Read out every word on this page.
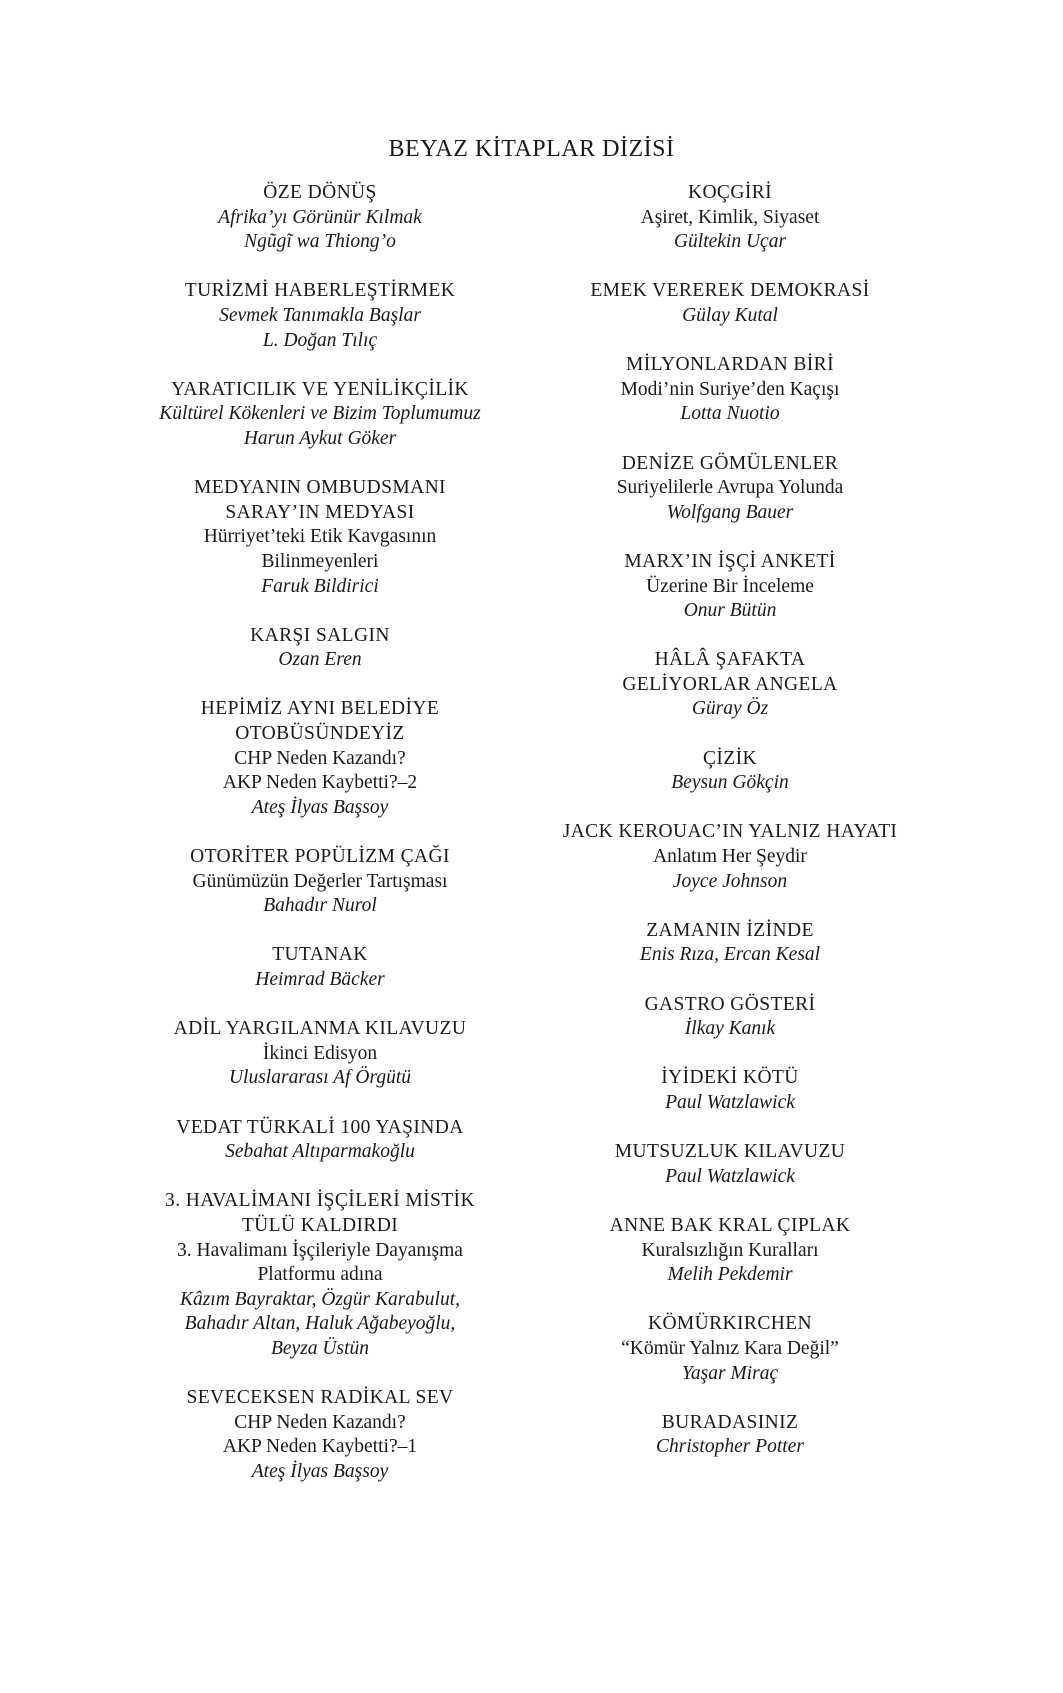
BEYAZ KİTAPLAR DİZİSİ
ÖZE DÖNÜŞ
Afrika’yı Görünür Kılmak
Ngũgĩ wa Thiong’o
TURİZMİ HABERLEŞTİRMEK
Sevmek Tanımakla Başlar
L. Doğan Tılıç
YARATICILIK VE YENİLİKÇİLİK
Kültürel Kökenleri ve Bizim Toplumumuz
Harun Aykut Göker
MEDYANIN OMBUDSMANI
SARAY’IN MEDYASI
Hürriyet’teki Etik Kavgasının
Bilinmeyenleri
Faruk Bildirici
KARŞI SALGIN
Ozan Eren
HEPİMİZ AYNI BELEDİYE
OTOBÜSÜNDEYİZ
CHP Neden Kazandı?
AKP Neden Kaybetti?–2
Ateş İlyas Başsoy
OTORİTER POPÜLİZM ÇAĞI
Günümüzün Değerler Tartışması
Bahadır Nurol
TUTANAK
Heimrad Bäcker
ADİL YARGILANMA KILAVUZU
İkinci Edisyon
Uluslararası Af Örgütü
VEDAT TÜRKALİ 100 YAŞINDA
Sebahat Altıparmakoğlu
3. HAVALİMANI İŞÇİLERİ MİSTİK
TÜLÜ KALDIRDI
3. Havalimanı İşçileriyle Dayanışma
Platformu adına
Kâzım Bayraktar, Özgür Karabulut,
Bahadır Altan, Haluk Ağabeyoğlu,
Beyza Üstün
SEVECEKSEN RADİKAL SEV
CHP Neden Kazandı?
AKP Neden Kaybetti?–1
Ateş İlyas Başsoy
KOÇGİRİ
Aşiret, Kimlik, Siyaset
Gültekin Uçar
EMEK VEREREK DEMOKRASİ
Gülay Kutal
MİLYONLARDAN BİRİ
Modi’nin Suriye’den Kaçışı
Lotta Nuotio
DENİZE GÖMÜLENLER
Suriyelilerle Avrupa Yolunda
Wolfgang Bauer
MARX’IN İŞÇİ ANKETİ
Üzerine Bir İnceleme
Onur Bütün
HÂLÂ ŞAFAKTA
GELİYORLAR ANGELA
Güray Öz
ÇİZİK
Beysun Gökçin
JACK KEROUAC’IN YALNIZ HAYATI
Anlatım Her Şeydir
Joyce Johnson
ZAMANIN İZİNDE
Enis Rıza, Ercan Kesal
GASTRO GÖSTERİ
İlkay Kanık
İYİDEKİ KÖTÜ
Paul Watzlawick
MUTSUZLUK KILAVUZU
Paul Watzlawick
ANNE BAK KRAL ÇIPLAK
Kuralsızlığın Kuralları
Melih Pekdemir
KÖMÜRKIRCHEN
“Kömür Yalnız Kara Değil”
Yaşar Miraç
BURADASINIZ
Christopher Potter
